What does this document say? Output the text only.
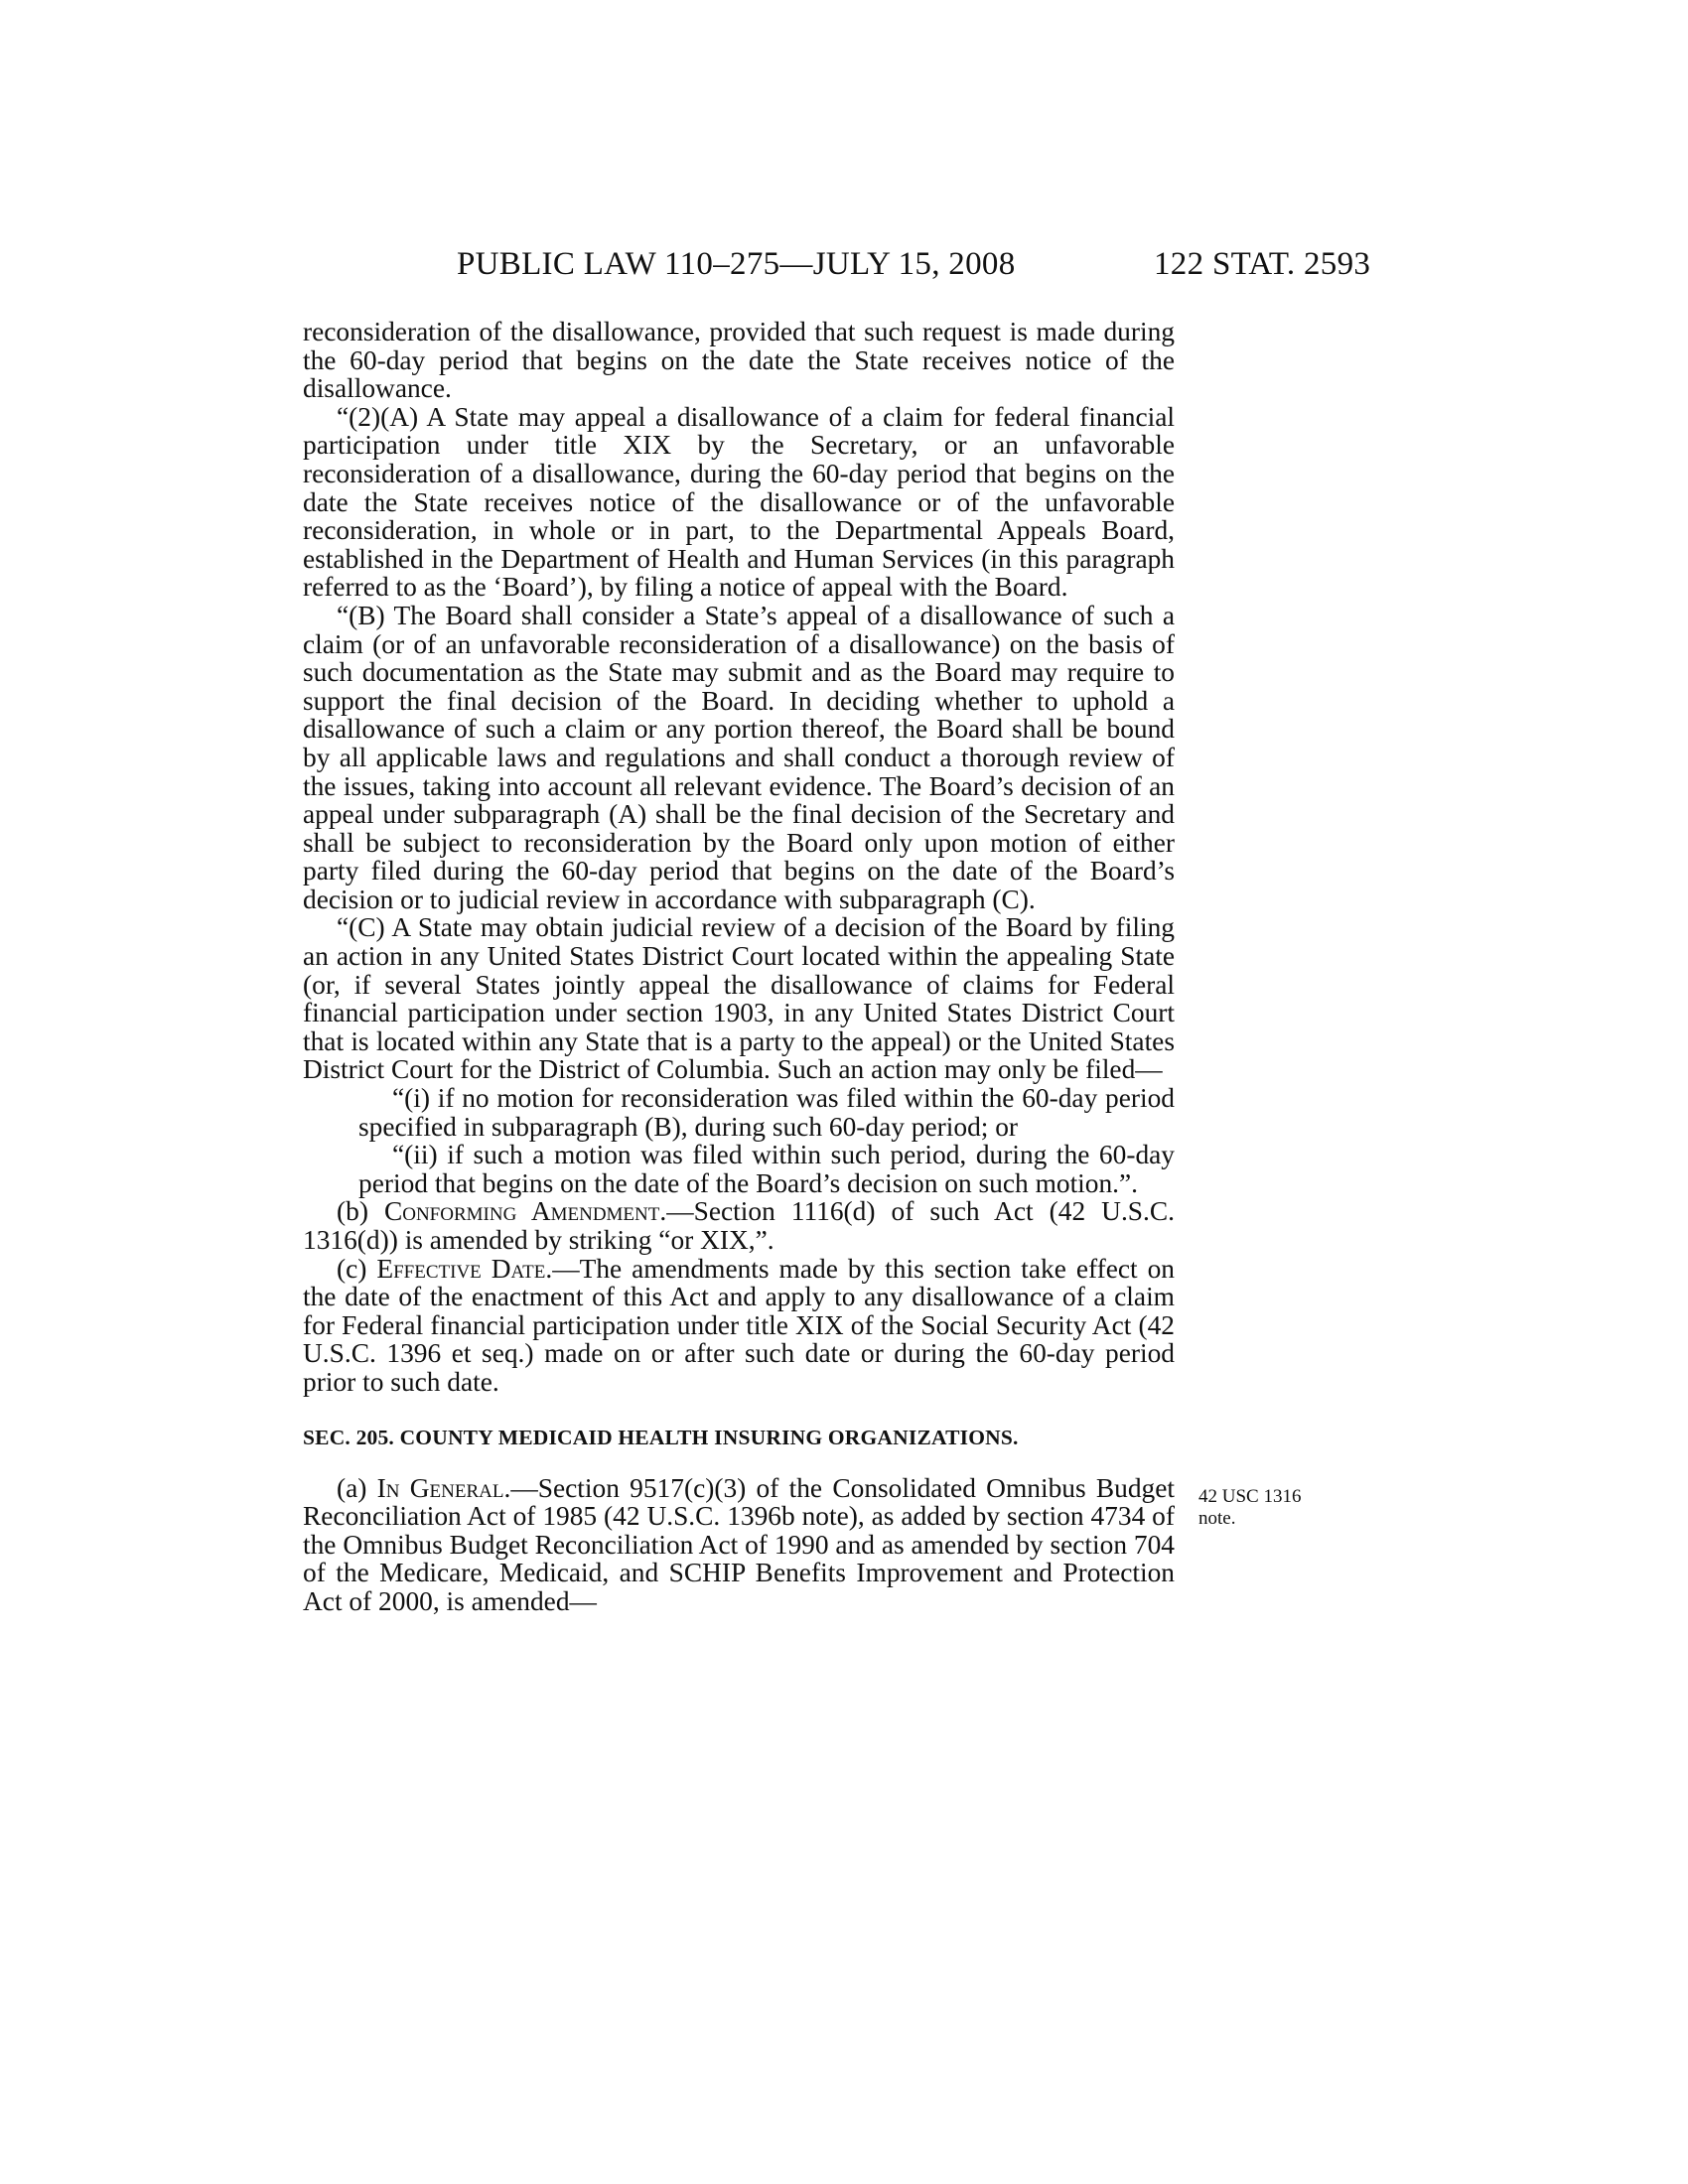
PUBLIC LAW 110–275—JULY 15, 2008	122 STAT. 2593

reconsideration of the disallowance, provided that such request is made during the 60-day period that begins on the date the State receives notice of the disallowance.

“(2)(A) A State may appeal a disallowance of a claim for federal financial participation under title XIX by the Secretary, or an unfavorable reconsideration of a disallowance, during the 60-day period that begins on the date the State receives notice of the disallowance or of the unfavorable reconsideration, in whole or in part, to the Departmental Appeals Board, established in the Department of Health and Human Services (in this paragraph referred to as the ‘Board’), by filing a notice of appeal with the Board.

“(B) The Board shall consider a State’s appeal of a disallowance of such a claim (or of an unfavorable reconsideration of a disallowance) on the basis of such documentation as the State may submit and as the Board may require to support the final decision of the Board. In deciding whether to uphold a disallowance of such a claim or any portion thereof, the Board shall be bound by all applicable laws and regulations and shall conduct a thorough review of the issues, taking into account all relevant evidence. The Board’s decision of an appeal under subparagraph (A) shall be the final decision of the Secretary and shall be subject to reconsideration by the Board only upon motion of either party filed during the 60-day period that begins on the date of the Board’s decision or to judicial review in accordance with subparagraph (C).

“(C) A State may obtain judicial review of a decision of the Board by filing an action in any United States District Court located within the appealing State (or, if several States jointly appeal the disallowance of claims for Federal financial participation under section 1903, in any United States District Court that is located within any State that is a party to the appeal) or the United States District Court for the District of Columbia. Such an action may only be filed—

“(i) if no motion for reconsideration was filed within the 60-day period specified in subparagraph (B), during such 60-day period; or

“(ii) if such a motion was filed within such period, during the 60-day period that begins on the date of the Board’s decision on such motion.”.

(b) Conforming Amendment.—Section 1116(d) of such Act (42 U.S.C. 1316(d)) is amended by striking “or XIX,”.

(c) Effective Date.—The amendments made by this section take effect on the date of the enactment of this Act and apply to any disallowance of a claim for Federal financial participation under title XIX of the Social Security Act (42 U.S.C. 1396 et seq.) made on or after such date or during the 60-day period prior to such date.

SEC. 205. COUNTY MEDICAID HEALTH INSURING ORGANIZATIONS.

(a) In General.—Section 9517(c)(3) of the Consolidated Omnibus Budget Reconciliation Act of 1985 (42 U.S.C. 1396b note), as added by section 4734 of the Omnibus Budget Reconciliation Act of 1990 and as amended by section 704 of the Medicare, Medicaid, and SCHIP Benefits Improvement and Protection Act of 2000, is amended—

42 USC 1316
note.
